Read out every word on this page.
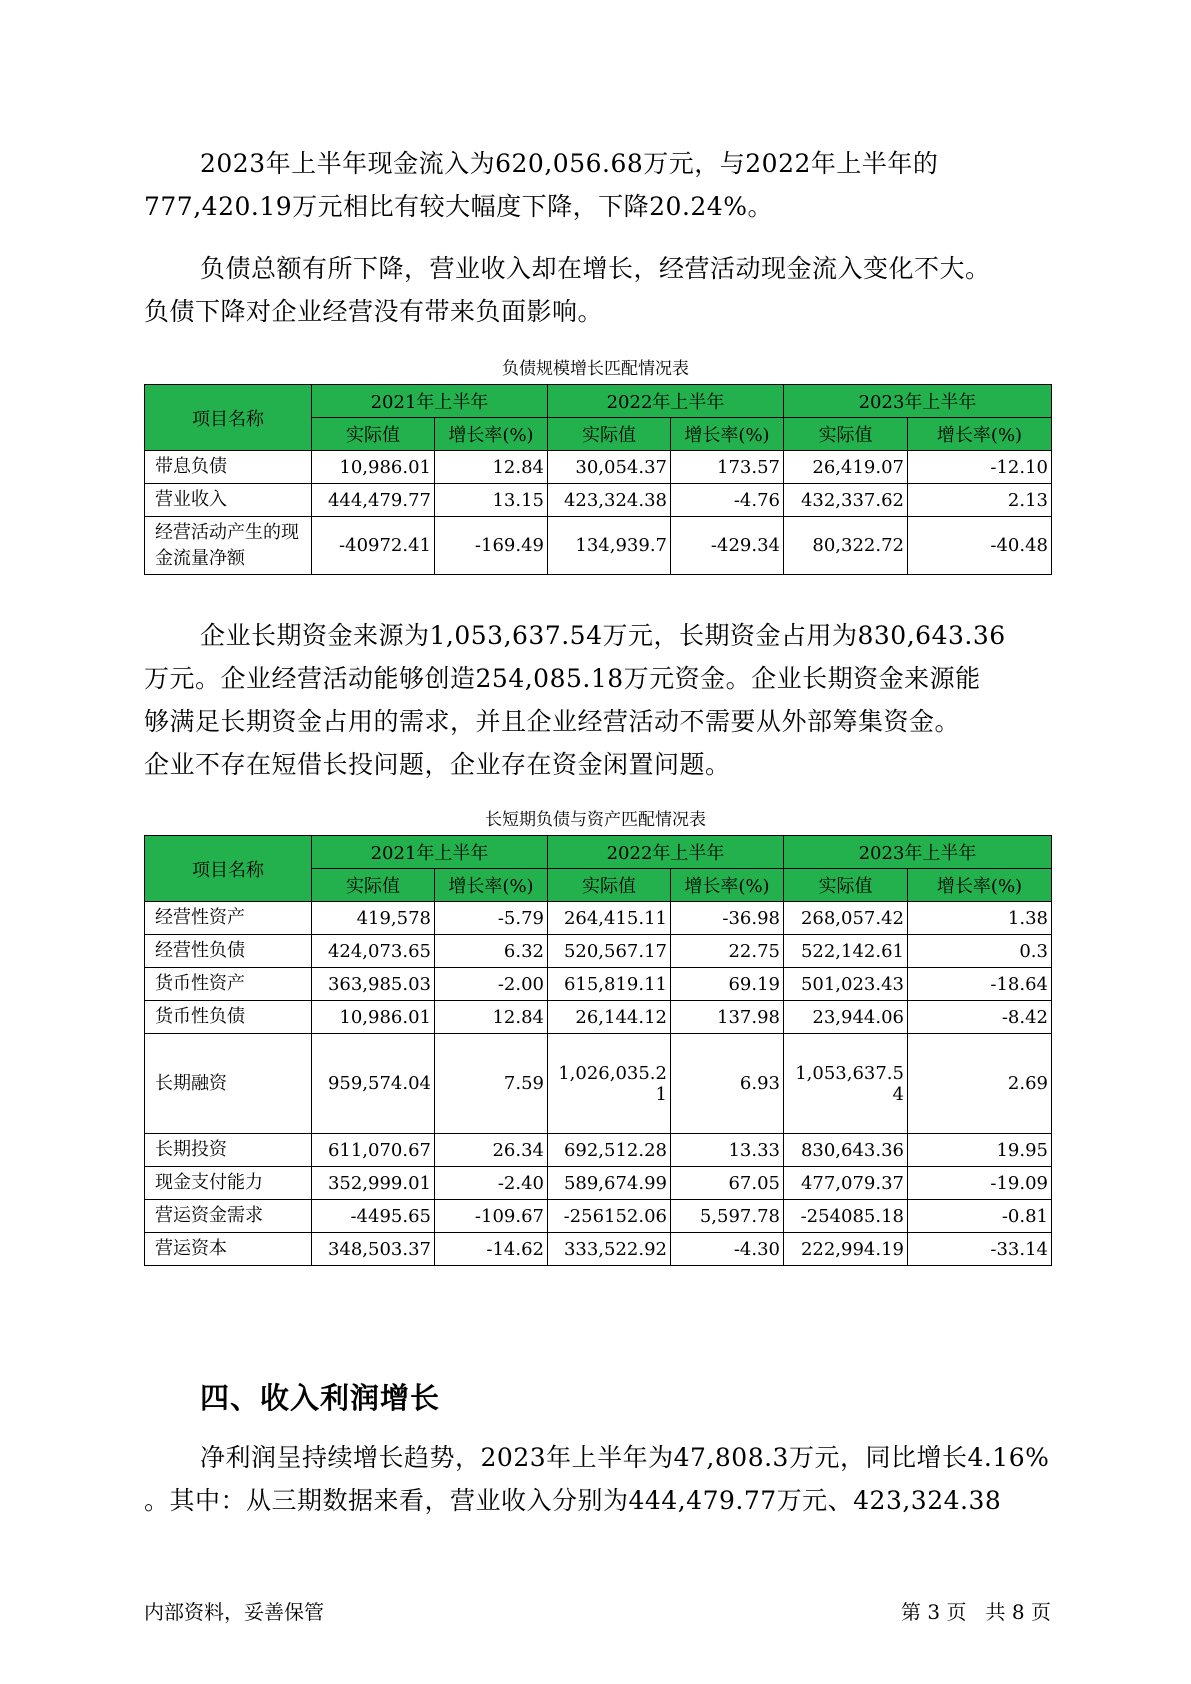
2023年上半年现金流入为620,056.68万元，与2022年上半年的
777,420.19万元相比有较大幅度下降，下降20.24%。
负债总额有所下降，营业收入却在增长，经营活动现金流入变化不大。
负债下降对企业经营没有带来负面影响。
负债规模增长匹配情况表
项目名称	2021年上半年		2022年上半年		2023年上半年	
	实际值	增长率(%)	实际值	增长率(%)	实际值	增长率(%)
带息负债	10,986.01	12.84	30,054.37	173.57	26,419.07	-12.10
营业收入	444,479.77	13.15	423,324.38	-4.76	432,337.62	2.13
经营活动产生的现金流量净额	-40972.41	-169.49	134,939.7	-429.34	80,322.72	-40.48
企业长期资金来源为1,053,637.54万元，长期资金占用为830,643.36
万元。企业经营活动能够创造254,085.18万元资金。企业长期资金来源能
够满足长期资金占用的需求，并且企业经营活动不需要从外部筹集资金。
企业不存在短借长投问题，企业存在资金闲置问题。
长短期负债与资产匹配情况表
项目名称	2021年上半年		2022年上半年		2023年上半年	
	实际值	增长率(%)	实际值	增长率(%)	实际值	增长率(%)
经营性资产	419,578	-5.79	264,415.11	-36.98	268,057.42	1.38
经营性负债	424,073.65	6.32	520,567.17	22.75	522,142.61	0.3
货币性资产	363,985.03	-2.00	615,819.11	69.19	501,023.43	-18.64
货币性负债	10,986.01	12.84	26,144.12	137.98	23,944.06	-8.42
长期融资	959,574.04	7.59	1,026,035.21	6.93	1,053,637.54	2.69
长期投资	611,070.67	26.34	692,512.28	13.33	830,643.36	19.95
现金支付能力	352,999.01	-2.40	589,674.99	67.05	477,079.37	-19.09
营运资金需求	-4495.65	-109.67	-256152.06	5,597.78	-254085.18	-0.81
营运资本	348,503.37	-14.62	333,522.92	-4.30	222,994.19	-33.14
四、收入利润增长
净利润呈持续增长趋势，2023年上半年为47,808.3万元，同比增长4.16%
。其中：从三期数据来看，营业收入分别为444,479.77万元、423,324.38
内部资料，妥善保管	第 3 页   共 8 页
